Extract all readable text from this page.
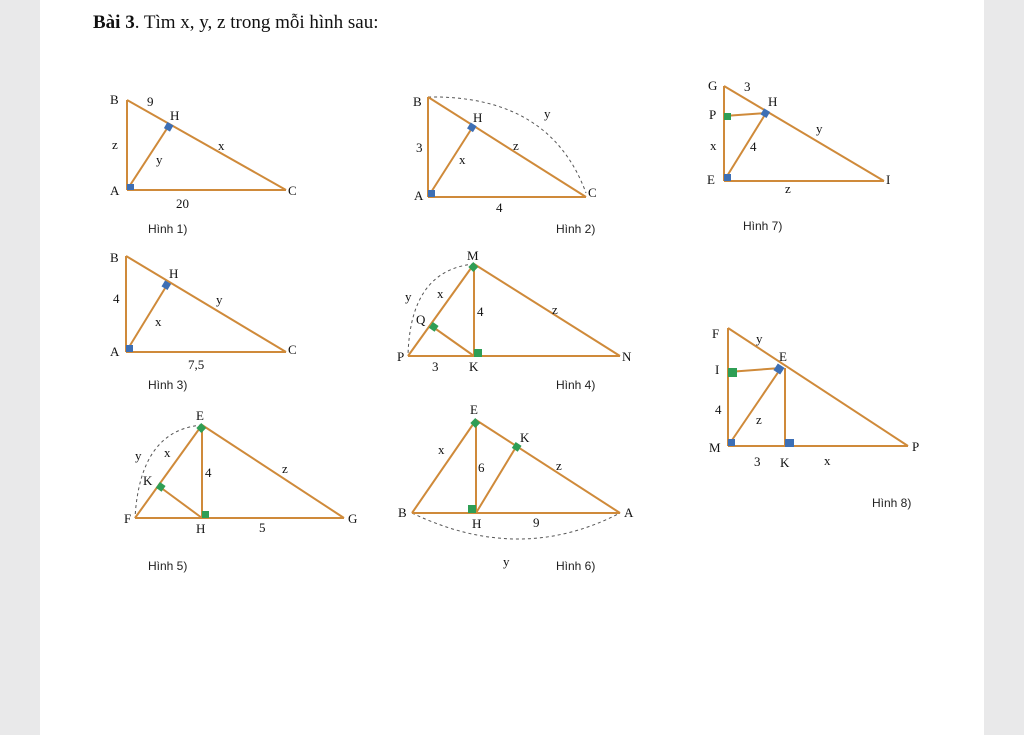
Bài 3. Tìm x, y, z trong mỗi hình sau:
B 9
H
z	x
y
A	C
20
Hình 1)
B
H	y
3	z
x
A	C
4
Hình 2)
G 3
H
P
y
x	4
E	I
z
Hình 7)
B
H
4	y
x
A	C
7,5
Hình 3)
M
y x
4	z
Q
P
3 K
N
Hình 4)
F	y
E
I
4
z
M
3 K	x
P
Hình 8)
E
y x
4	z
K
F
H	5
G
Hình 5)
E
x
K
6	z
B
H	9
A
y	Hình 6)
